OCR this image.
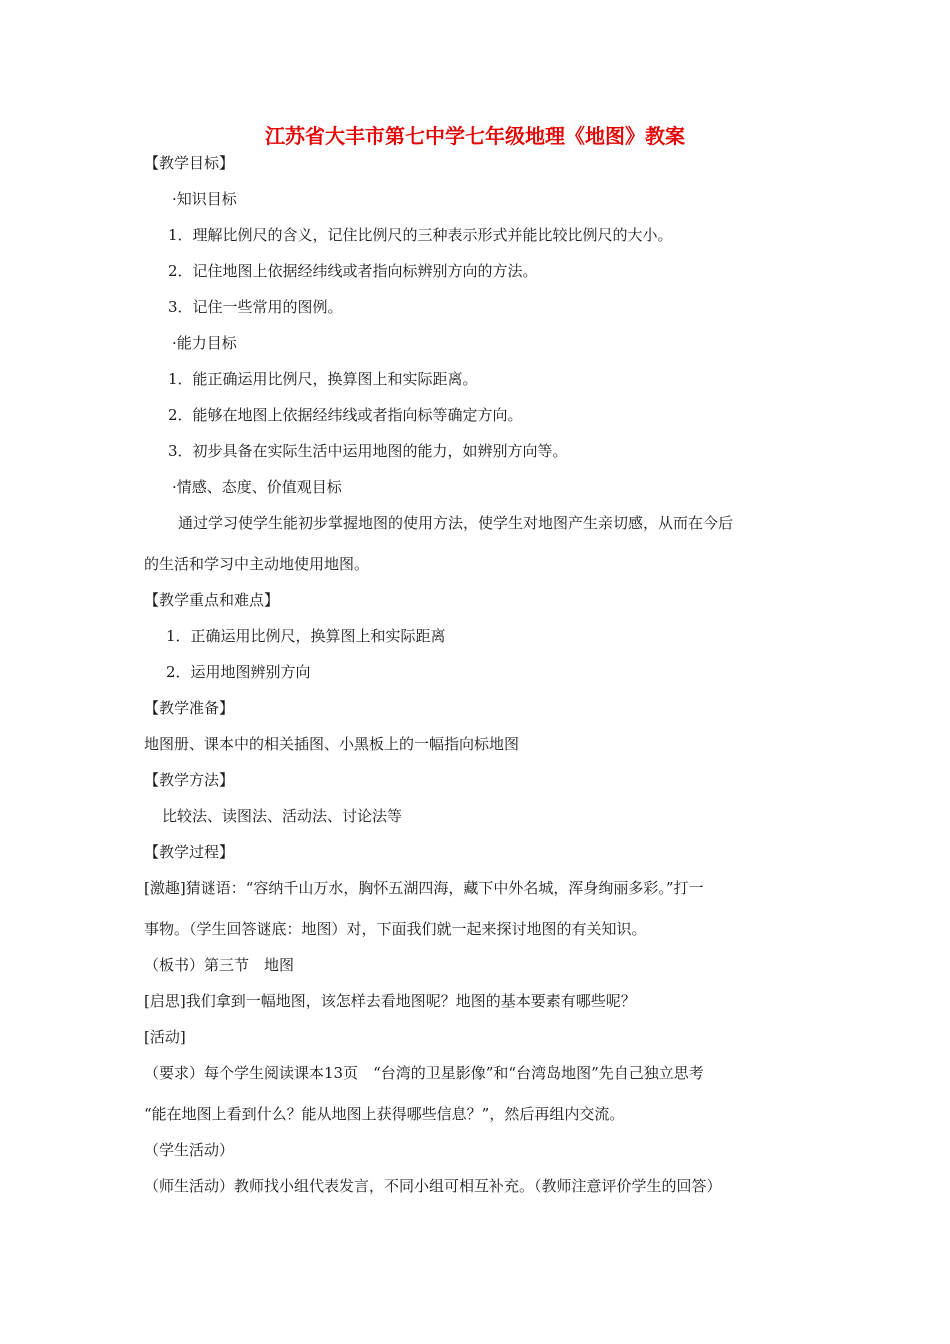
江苏省大丰市第七中学七年级地理《地图》教案
【教学目标】
·知识目标
1．理解比例尺的含义，记住比例尺的三种表示形式并能比较比例尺的大小。
2．记住地图上依据经纬线或者指向标辨别方向的方法。
3．记住一些常用的图例。
·能力目标
1．能正确运用比例尺，换算图上和实际距离。
2．能够在地图上依据经纬线或者指向标等确定方向。
3．初步具备在实际生活中运用地图的能力，如辨别方向等。
·情感、态度、价值观目标
通过学习使学生能初步掌握地图的使用方法，使学生对地图产生亲切感，从而在今后
的生活和学习中主动地使用地图。
【教学重点和难点】
1．正确运用比例尺，换算图上和实际距离
2．运用地图辨别方向
【教学准备】
地图册、课本中的相关插图、小黑板上的一幅指向标地图
【教学方法】
比较法、读图法、活动法、讨论法等
【教学过程】
[激趣]猜谜语：“容纳千山万水，胸怀五湖四海，藏下中外名城，浑身绚丽多彩。”打一
事物。（学生回答谜底：地图）对，下面我们就一起来探讨地图的有关知识。
（板书）第三节　地图
[启思]我们拿到一幅地图，该怎样去看地图呢？地图的基本要素有哪些呢？
[活动]
（要求）每个学生阅读课本13页　“台湾的卫星影像”和“台湾岛地图”先自己独立思考
“能在地图上看到什么？能从地图上获得哪些信息？”，然后再组内交流。
（学生活动）
（师生活动）教师找小组代表发言，不同小组可相互补充。（教师注意评价学生的回答）
